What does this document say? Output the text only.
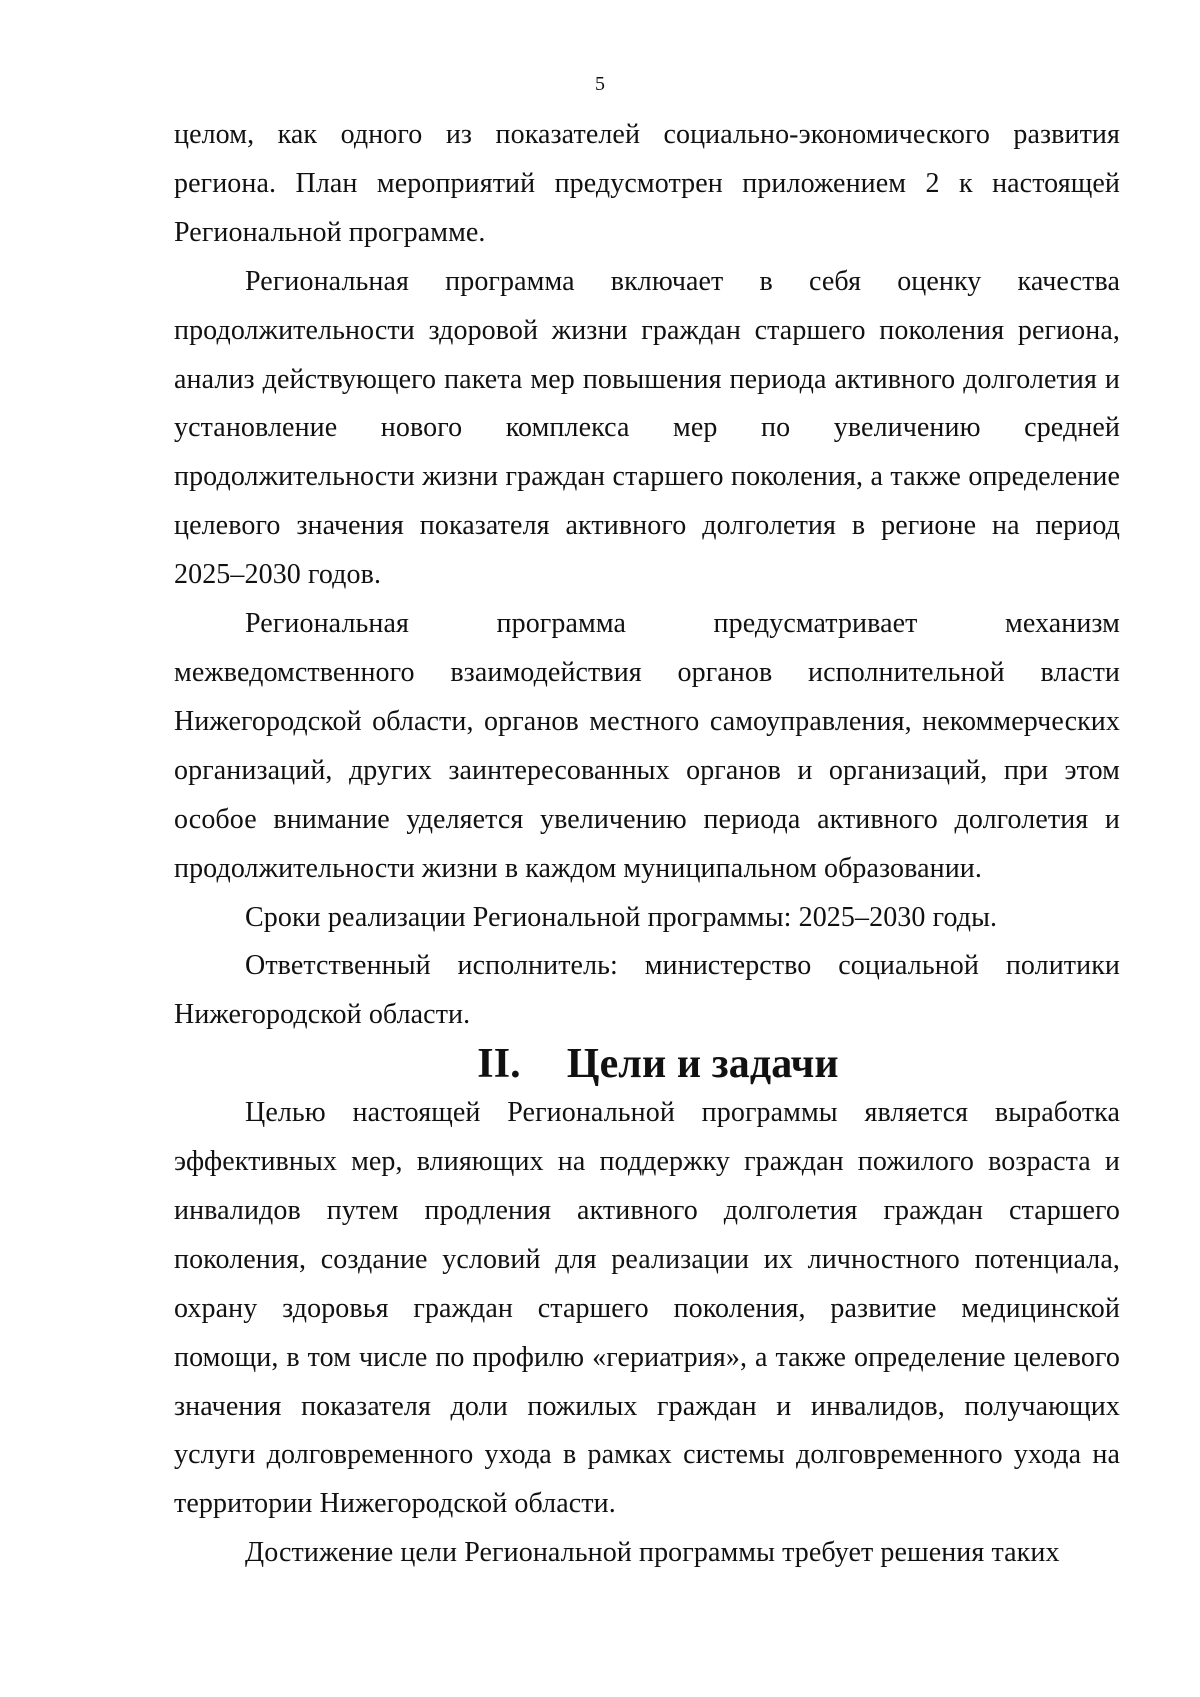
5

целом, как одного из показателей социально-экономического развития региона. План мероприятий предусмотрен приложением 2 к настоящей Региональной программе.

Региональная программа включает в себя оценку качества продолжительности здоровой жизни граждан старшего поколения региона, анализ действующего пакета мер повышения периода активного долголетия и установление нового комплекса мер по увеличению средней продолжительности жизни граждан старшего поколения, а также определение целевого значения показателя активного долголетия в регионе на период 2025–2030 годов.

Региональная программа предусматривает механизм межведомственного взаимодействия органов исполнительной власти Нижегородской области, органов местного самоуправления, некоммерческих организаций, других заинтересованных органов и организаций, при этом особое внимание уделяется увеличению периода активного долголетия и продолжительности жизни в каждом муниципальном образовании.

Сроки реализации Региональной программы: 2025–2030 годы.

Ответственный исполнитель: министерство социальной политики Нижегородской области.

II. Цели и задачи

Целью настоящей Региональной программы является выработка эффективных мер, влияющих на поддержку граждан пожилого возраста и инвалидов путем продления активного долголетия граждан старшего поколения, создание условий для реализации их личностного потенциала, охрану здоровья граждан старшего поколения, развитие медицинской помощи, в том числе по профилю «гериатрия», а также определение целевого значения показателя доли пожилых граждан и инвалидов, получающих услуги долговременного ухода в рамках системы долговременного ухода на территории Нижегородской области.

Достижение цели Региональной программы требует решения таких
